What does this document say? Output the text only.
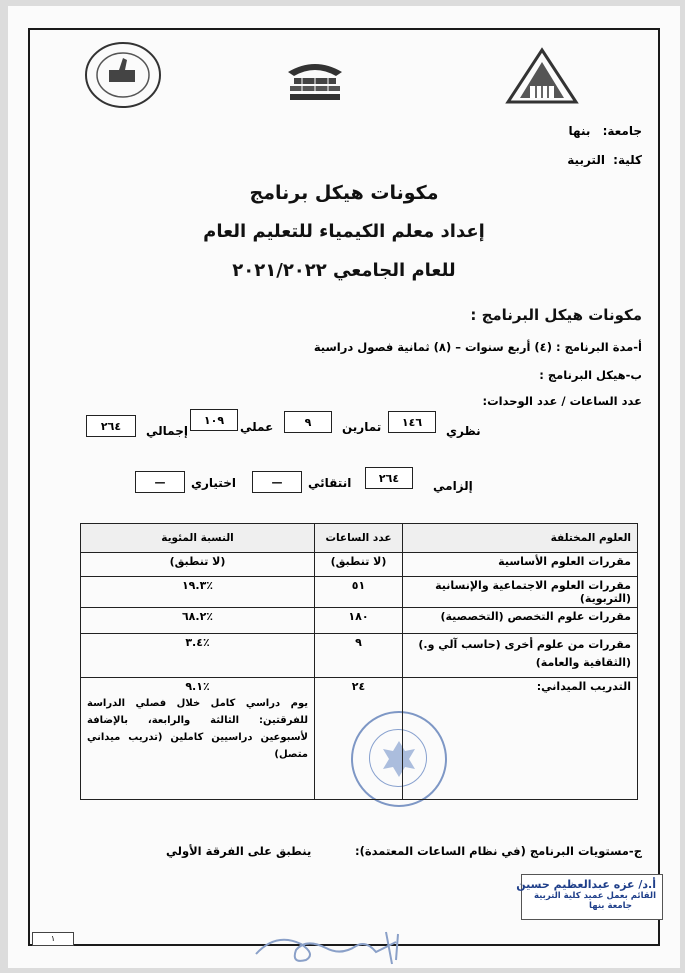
جامعة: بنها
كلية: التربية
مكونات هيكل برنامج
إعداد معلم الكيمياء للتعليم العام
للعام الجامعي ٢٠٢١/٢٠٢٢
مكونات هيكل البرنامج :
أ-مدة البرنامج : (٤) أربع سنوات – (٨) ثمانية فصول دراسية
ب-هيكل البرنامج :
عدد الساعات / عدد الوحدات:
نظري
١٤٦
تمارين
٩
عملي
١٠٩
إجمالي
٢٦٤
إلزامي
٢٦٤
انتقائي
—
اختياري
—
العلوم المختلفة	عدد الساعات	النسبة المئوية
مقررات العلوم الأساسية	(لا تنطبق)	(لا تنطبق)
مقررات العلوم الاجتماعية والإنسانية (التربوية)	٥١	٪١٩.٣
مقررات علوم التخصص (التخصصية)	١٨٠	٪٦٨.٢
مقررات من علوم أخرى (حاسب آلي و.) (الثقافية والعامة)	٩	٪٣.٤
التدريب الميداني:	٢٤	٪٩.١
يوم دراسي كامل خلال فصلي الدراسة للفرقتين: الثالثة والرابعة، بالإضافة لأسبوعين دراسيين كاملين (تدريب ميداني متصل)
ج-مستويات البرنامج (في نظام الساعات المعتمدة):
ينطبق على الفرقة الأولي
أ.د/ عزه عبدالعظيم حسين
القائم بعمل عميد كلية التربية
جامعة بنها
١
